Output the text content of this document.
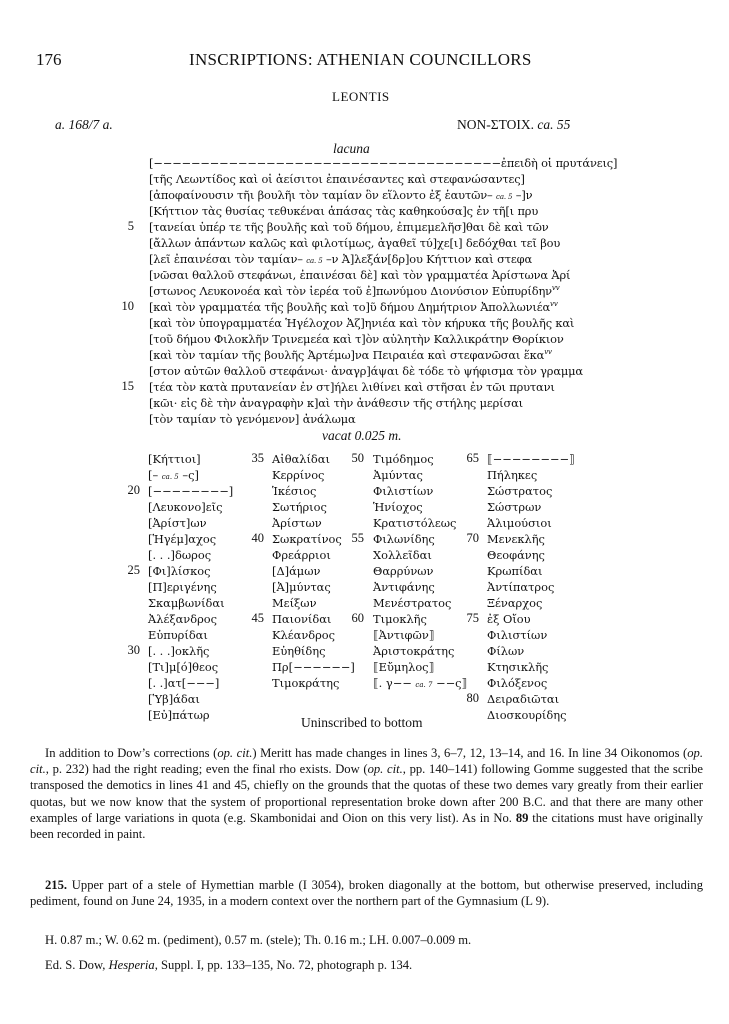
176	INSCRIPTIONS: ATHENIAN COUNCILLORS
LEONTIS
a. 168/7 a.	NON-ΣΤΟΙΧ. ca. 55
lacuna
[−−−−−−−−−−−−−−−−−−−−−−−−−−−−−−−−−−−−−ἐπειδὴ οἱ πρυτάνεις]
[τῆς Λεωντίδος καὶ οἱ ἀείσιτοι ἐπαινέσαντες καὶ στεφανώσαντες]
[ἀποφαίνουσιν τῆι βουλῆι τὸν ταμίαν ὃν εἵλοντο ἐξ ἑαυτῶν– ca. 5 –]ν
[Κήττιον τὰς θυσίας τεθυκέναι ἁπάσας τὰς καθηκούσα]ς ἐν τῆ[ι πρυ
5 [τανείαι ὑπέρ τε τῆς βουλῆς καὶ τοῦ δήμου, ἐπιμεμελῆσ]θαι δὲ καὶ τῶν
[ἄλλων ἁπάντων καλῶς καὶ φιλοτίμως, ἀγαθεῖ τύ]χε[ι] δεδόχθαι τεῖ βου
[λεῖ ἐπαινέσαι τὸν ταμίαν– ca. 5 –ν Ἀ]λεξάν[δρ]ου Κήττιον καὶ στεφα
[νῶσαι θαλλοῦ στεφάνωι, ἐπαινέσαι δὲ] καὶ τὸν γραμματέα Ἀρίστωνα Ἀρί
[στωνος Λευκονοέα καὶ τὸν ἱερέα τοῦ ἐ]πωνύμου Διονύσιον Εὐπυρίδην$^{vv}$
10 [καὶ τὸν γραμματέα τῆς βουλῆς καὶ το]ῦ δήμου Δημήτριον Ἀπολλωνιέα$^{vv}$
[καὶ τὸν ὑπογραμματέα Ἡγέλοχον Ἀζ]ηνιέα καὶ τὸν κήρυκα τῆς βουλῆς καὶ
[τοῦ δήμου Φιλοκλῆν Τρινεμεέα καὶ τ]ὸν αὐλητὴν Καλλικράτην Θορίκιον
[καὶ τὸν ταμίαν τῆς βουλῆς Ἀρτέμω]να Πειραιέα καὶ στεφανῶσαι ἕκα$^{vv}$
[στον αὐτῶν θαλλοῦ στεφάνωι· ἀναγρ]άψαι δὲ τόδε τὸ ψήφισμα τὸν γραμμα
15 [τέα τὸν κατὰ πρυτανείαν ἐν στ]ήλει λιθίνει καὶ στῆσαι ἐν τῶι πρυτανι
[κῶι· εἰς δὲ τὴν ἀναγραφὴν κ]αὶ τὴν ἀνάθεσιν τῆς στήλης μερίσαι
[τὸν ταμίαν τὸ γενόμενον] ἀνάλωμα
vacat 0.025 m.
[Κήττιοι]
[– ca. 5 –ς]
20 [−−−−−−−−]
[Λευκονο]εῖς
[Ἀρίστ]ων
[Ἡγέμ]αχος
[. . .]δωρος
25 [Φι]λίσκος
[Π]εριγένης
Σκαμβωνίδαι
Ἀλέξανδρος
Εὐπυρίδαι
30 [. . .]οκλῆς
[Τι]μ[ό]θεος
[. .]ατ[−−−]
[Ὑβ]άδαι
[Εὐ]πάτωρ
35 Αἰθαλίδαι
Κερρίνος
Ἱκέσιος
Σωτήριος
Ἀρίστων
40 Σωκρατίνος
Φρεάρριοι
[Δ]άμων
[Ἀ]μύντας
Μείξων
45 Παιονίδαι
Κλέανδρος
Εὐηθίδης
Πρ[−−−−−−]
Τιμοκράτης
50 Τιμόδημος
Ἀμύντας
Φιλιστίων
Ἡνίοχος
Κρατιστόλεως
55 Φιλωνίδης
Χολλεῖδαι
Θαρρύνων
Ἀντιφάνης
Μενέστρατος
60 Τιμοκλῆς
⟦Ἀντιφῶν⟧
Ἀριστοκράτης
⟦Εὔμηλος⟧
⟦. γ−− ca. 7 −−ς⟧
65 ⟦−−−−−−−−⟧
Πήληκες
Σώστρατος
Σώστρων
Ἁλιμούσιοι
70 Μενεκλῆς
Θεοφάνης
Κρωπίδαι
Ἀντίπατρος
Ξέναρχος
75 ἐξ Οἴου
Φιλιστίων
Φίλων
Κτησικλῆς
Φιλόξενος
80 Δειραδιῶται
Διοσκουρίδης
Uninscribed to bottom

In addition to Dow’s corrections (op. cit.) Meritt has made changes in lines 3, 6–7, 12, 13–14, and 16. In line 34 Oikonomos (op. cit., p. 232) had the right reading; even the final rho exists. Dow (op. cit., pp. 140–141) following Gomme suggested that the scribe transposed the demotics in lines 41 and 45, chiefly on the grounds that the quotas of these two demes vary greatly from their earlier quotas, but we now know that the system of proportional representation broke down after 200 B.C. and that there are many other examples of large variations in quota (e.g. Skambonidai and Oion on this very list). As in No. 89 the citations must have originally been recorded in paint.

215. Upper part of a stele of Hymettian marble (I 3054), broken diagonally at the bottom, but otherwise preserved, including pediment, found on June 24, 1935, in a modern context over the northern part of the Gymnasium (L 9).

H. 0.87 m.; W. 0.62 m. (pediment), 0.57 m. (stele); Th. 0.16 m.; LH. 0.007–0.009 m.
Ed. S. Dow, Hesperia, Suppl. I, pp. 133–135, No. 72, photograph p. 134.
